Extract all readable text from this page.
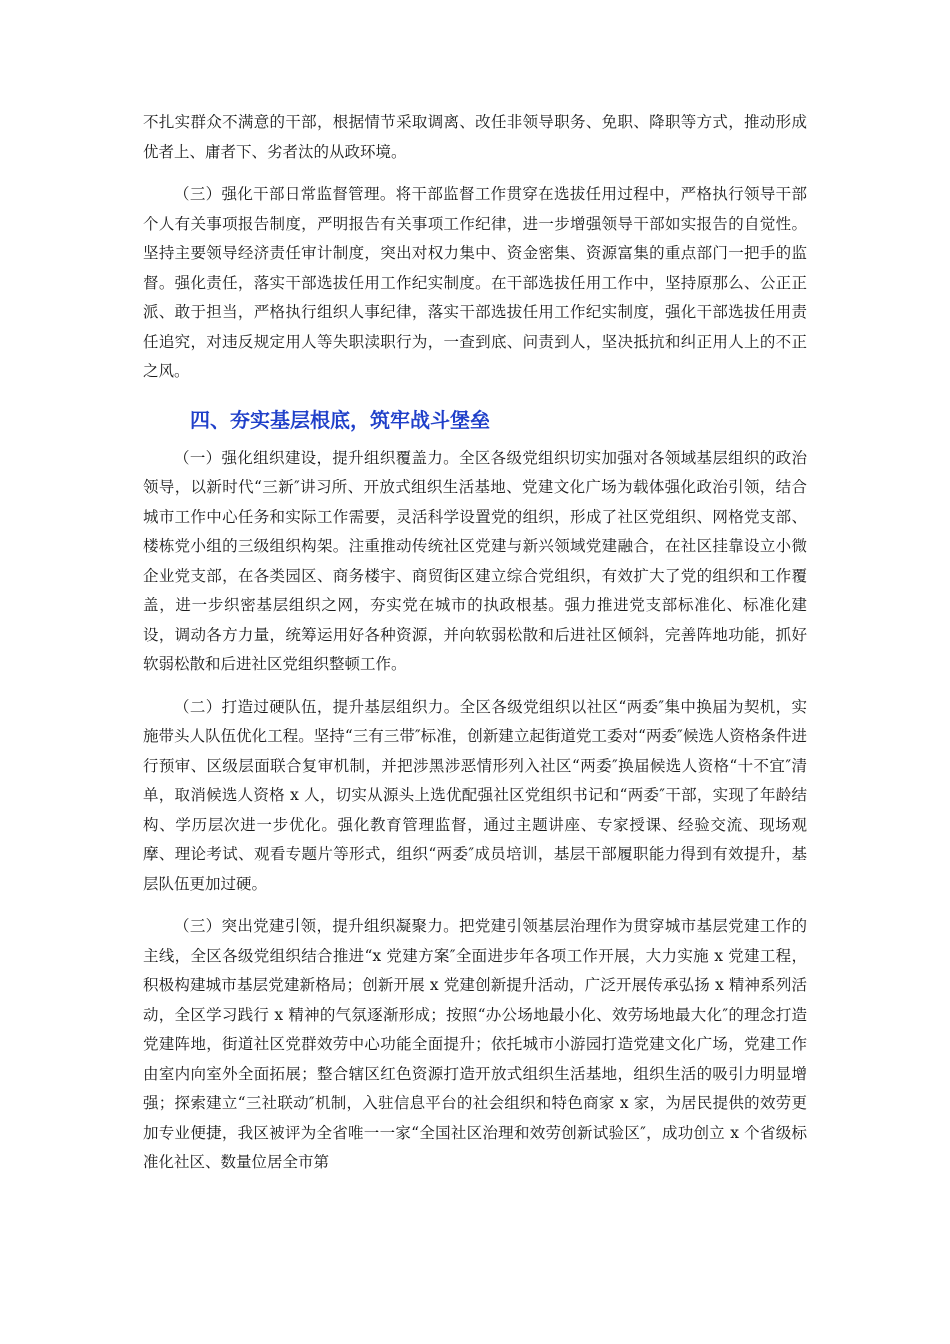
不扎实群众不满意的干部，根据情节采取调离、改任非领导职务、免职、降职等方式，推动形成优者上、庸者下、劣者汰的从政环境。

（三）强化干部日常监督管理。将干部监督工作贯穿在选拔任用过程中，严格执行领导干部个人有关事项报告制度，严明报告有关事项工作纪律，进一步增强领导干部如实报告的自觉性。坚持主要领导经济责任审计制度，突出对权力集中、资金密集、资源富集的重点部门一把手的监督。强化责任，落实干部选拔任用工作纪实制度。在干部选拔任用工作中，坚持原那么、公正正派、敢于担当，严格执行组织人事纪律，落实干部选拔任用工作纪实制度，强化干部选拔任用责任追究，对违反规定用人等失职渎职行为，一查到底、问责到人，坚决抵抗和纠正用人上的不正之风。

四、夯实基层根底，筑牢战斗堡垒

（一）强化组织建设，提升组织覆盖力。全区各级党组织切实加强对各领域基层组织的政治领导，以新时代“三新″讲习所、开放式组织生活基地、党建文化广场为载体强化政治引领，结合城市工作中心任务和实际工作需要，灵活科学设置党的组织，形成了社区党组织、网格党支部、楼栋党小组的三级组织构架。注重推动传统社区党建与新兴领域党建融合，在社区挂靠设立小微企业党支部，在各类园区、商务楼宇、商贸街区建立综合党组织，有效扩大了党的组织和工作覆盖，进一步织密基层组织之网，夯实党在城市的执政根基。强力推进党支部标准化、标准化建设，调动各方力量，统筹运用好各种资源，并向软弱松散和后进社区倾斜，完善阵地功能，抓好软弱松散和后进社区党组织整顿工作。

（二）打造过硬队伍，提升基层组织力。全区各级党组织以社区“两委″集中换届为契机，实施带头人队伍优化工程。坚持“三有三带″标准，创新建立起街道党工委对“两委″候选人资格条件进行预审、区级层面联合复审机制，并把涉黑涉恶情形列入社区“两委″换届候选人资格“十不宜″清单，取消候选人资格 x 人，切实从源头上选优配强社区党组织书记和“两委″干部，实现了年龄结构、学历层次进一步优化。强化教育管理监督，通过主题讲座、专家授课、经验交流、现场观摩、理论考试、观看专题片等形式，组织“两委″成员培训，基层干部履职能力得到有效提升，基层队伍更加过硬。

（三）突出党建引领，提升组织凝聚力。把党建引领基层治理作为贯穿城市基层党建工作的主线，全区各级党组织结合推进“x 党建方案″全面进步年各项工作开展，大力实施 x 党建工程，积极构建城市基层党建新格局；创新开展 x 党建创新提升活动，广泛开展传承弘扬 x 精神系列活动，全区学习践行 x 精神的气氛逐渐形成；按照“办公场地最小化、效劳场地最大化″的理念打造党建阵地，街道社区党群效劳中心功能全面提升；依托城市小游园打造党建文化广场，党建工作由室内向室外全面拓展；整合辖区红色资源打造开放式组织生活基地，组织生活的吸引力明显增强；探索建立“三社联动″机制，入驻信息平台的社会组织和特色商家 x 家，为居民提供的效劳更加专业便捷，我区被评为全省唯一一家“全国社区治理和效劳创新试验区″，成功创立 x 个省级标准化社区、数量位居全市第
